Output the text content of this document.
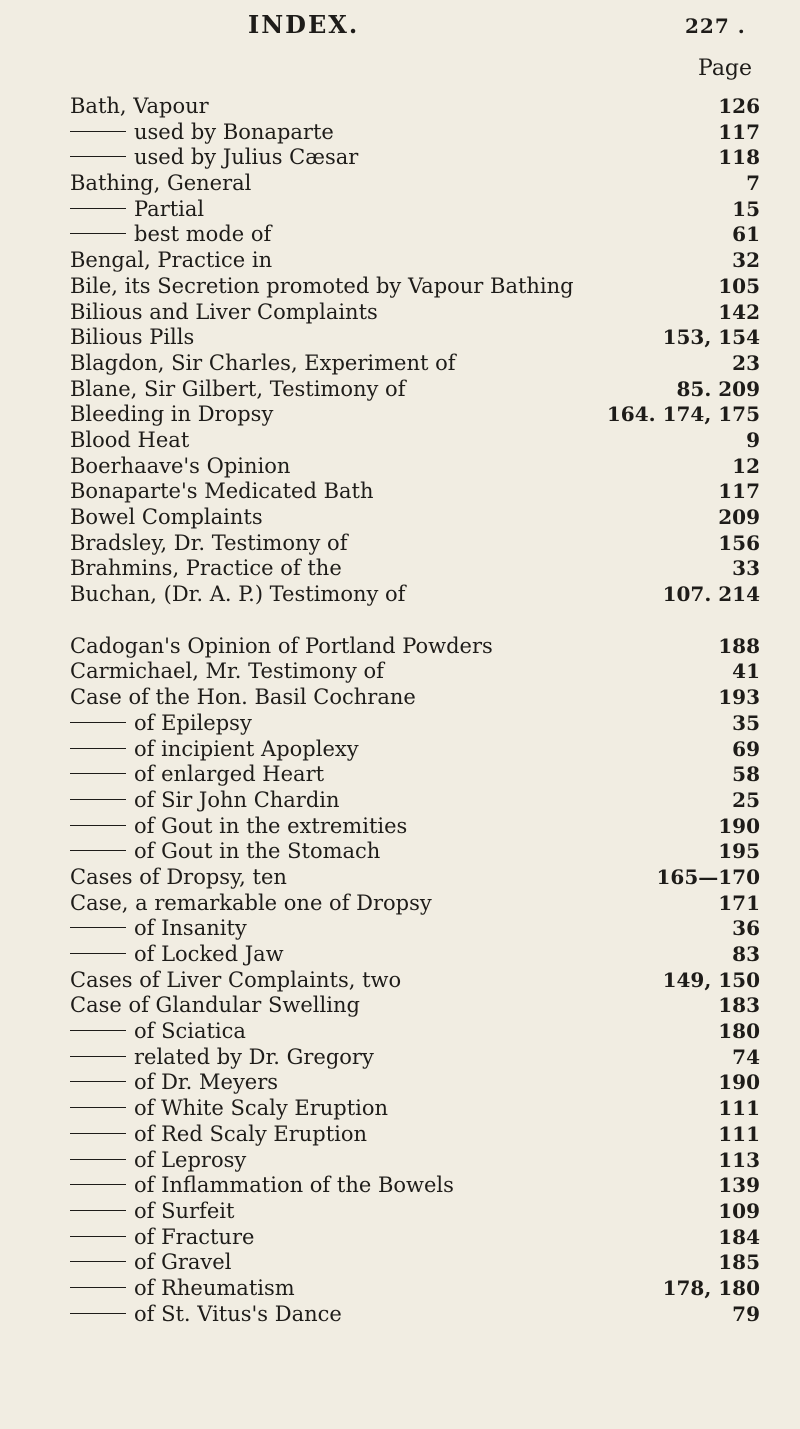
INDEX.	227 .
Page
Bath, Vapour	126
used by Bonaparte	117
used by Julius Cæsar	118
Bathing, General	7
Partial	15
best mode of	61
Bengal, Practice in	32
Bile, its Secretion promoted by Vapour Bathing	105
Bilious and Liver Complaints	142
Bilious Pills	153, 154
Blagdon, Sir Charles, Experiment of	23
Blane, Sir Gilbert, Testimony of	85. 209
Bleeding in Dropsy	164. 174, 175
Blood Heat	9
Boerhaave's Opinion	12
Bonaparte's Medicated Bath	117
Bowel Complaints	209
Bradsley, Dr. Testimony of	156
Brahmins, Practice of the	33
Buchan, (Dr. A. P.) Testimony of	107. 214
Cadogan's Opinion of Portland Powders	188
Carmichael, Mr. Testimony of	41
Case of the Hon. Basil Cochrane	193
of Epilepsy	35
of incipient Apoplexy	69
of enlarged Heart	58
of Sir John Chardin	25
of Gout in the extremities	190
of Gout in the Stomach	195
Cases of Dropsy, ten	165—170
Case, a remarkable one of Dropsy	171
of Insanity	36
of Locked Jaw	83
Cases of Liver Complaints, two	149, 150
Case of Glandular Swelling	183
of Sciatica	180
related by Dr. Gregory	74
of Dr. Meyers	190
of White Scaly Eruption	111
of Red Scaly Eruption	111
of Leprosy	113
of Inflammation of the Bowels	139
of Surfeit	109
of Fracture	184
of Gravel	185
of Rheumatism	178, 180
of St. Vitus's Dance	79
